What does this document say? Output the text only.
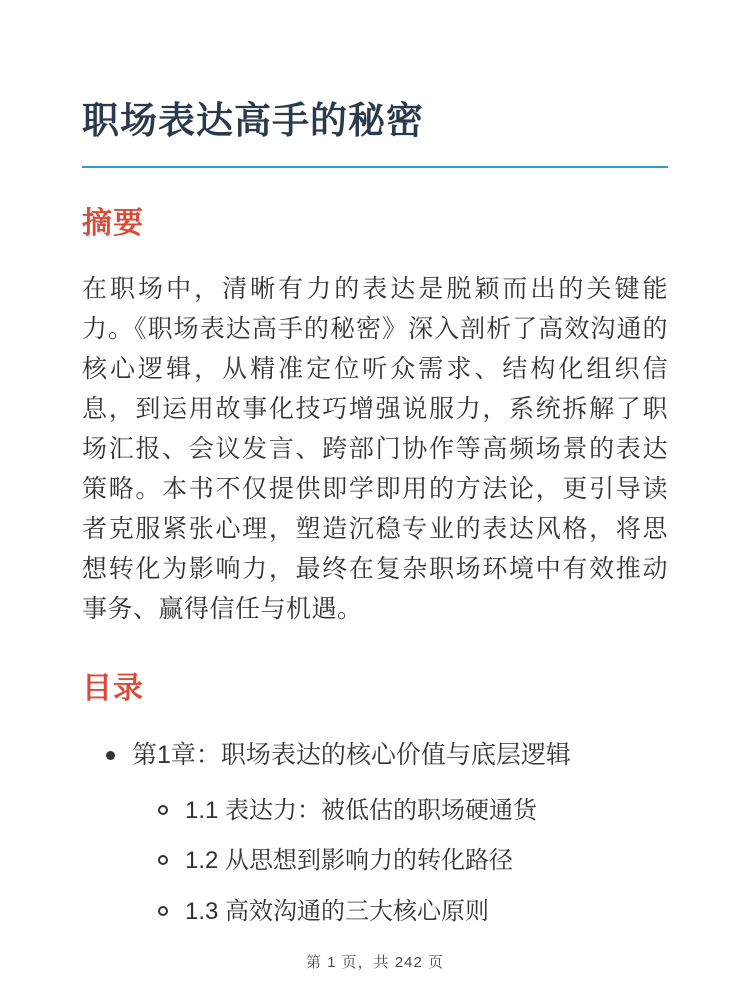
职场表达高手的秘密
摘要

在职场中，清晰有力的表达是脱颖而出的关键能力。《职场表达高手的秘密》深入剖析了高效沟通的核心逻辑，从精准定位听众需求、结构化组织信息，到运用故事化技巧增强说服力，系统拆解了职场汇报、会议发言、跨部门协作等高频场景的表达策略。本书不仅提供即学即用的方法论，更引导读者克服紧张心理，塑造沉稳专业的表达风格，将思想转化为影响力，最终在复杂职场环境中有效推动事务、赢得信任与机遇。

目录
第1章：职场表达的核心价值与底层逻辑
1.1 表达力：被低估的职场硬通货
1.2 从思想到影响力的转化路径
1.3 高效沟通的三大核心原则
第 1 页，共 242 页
